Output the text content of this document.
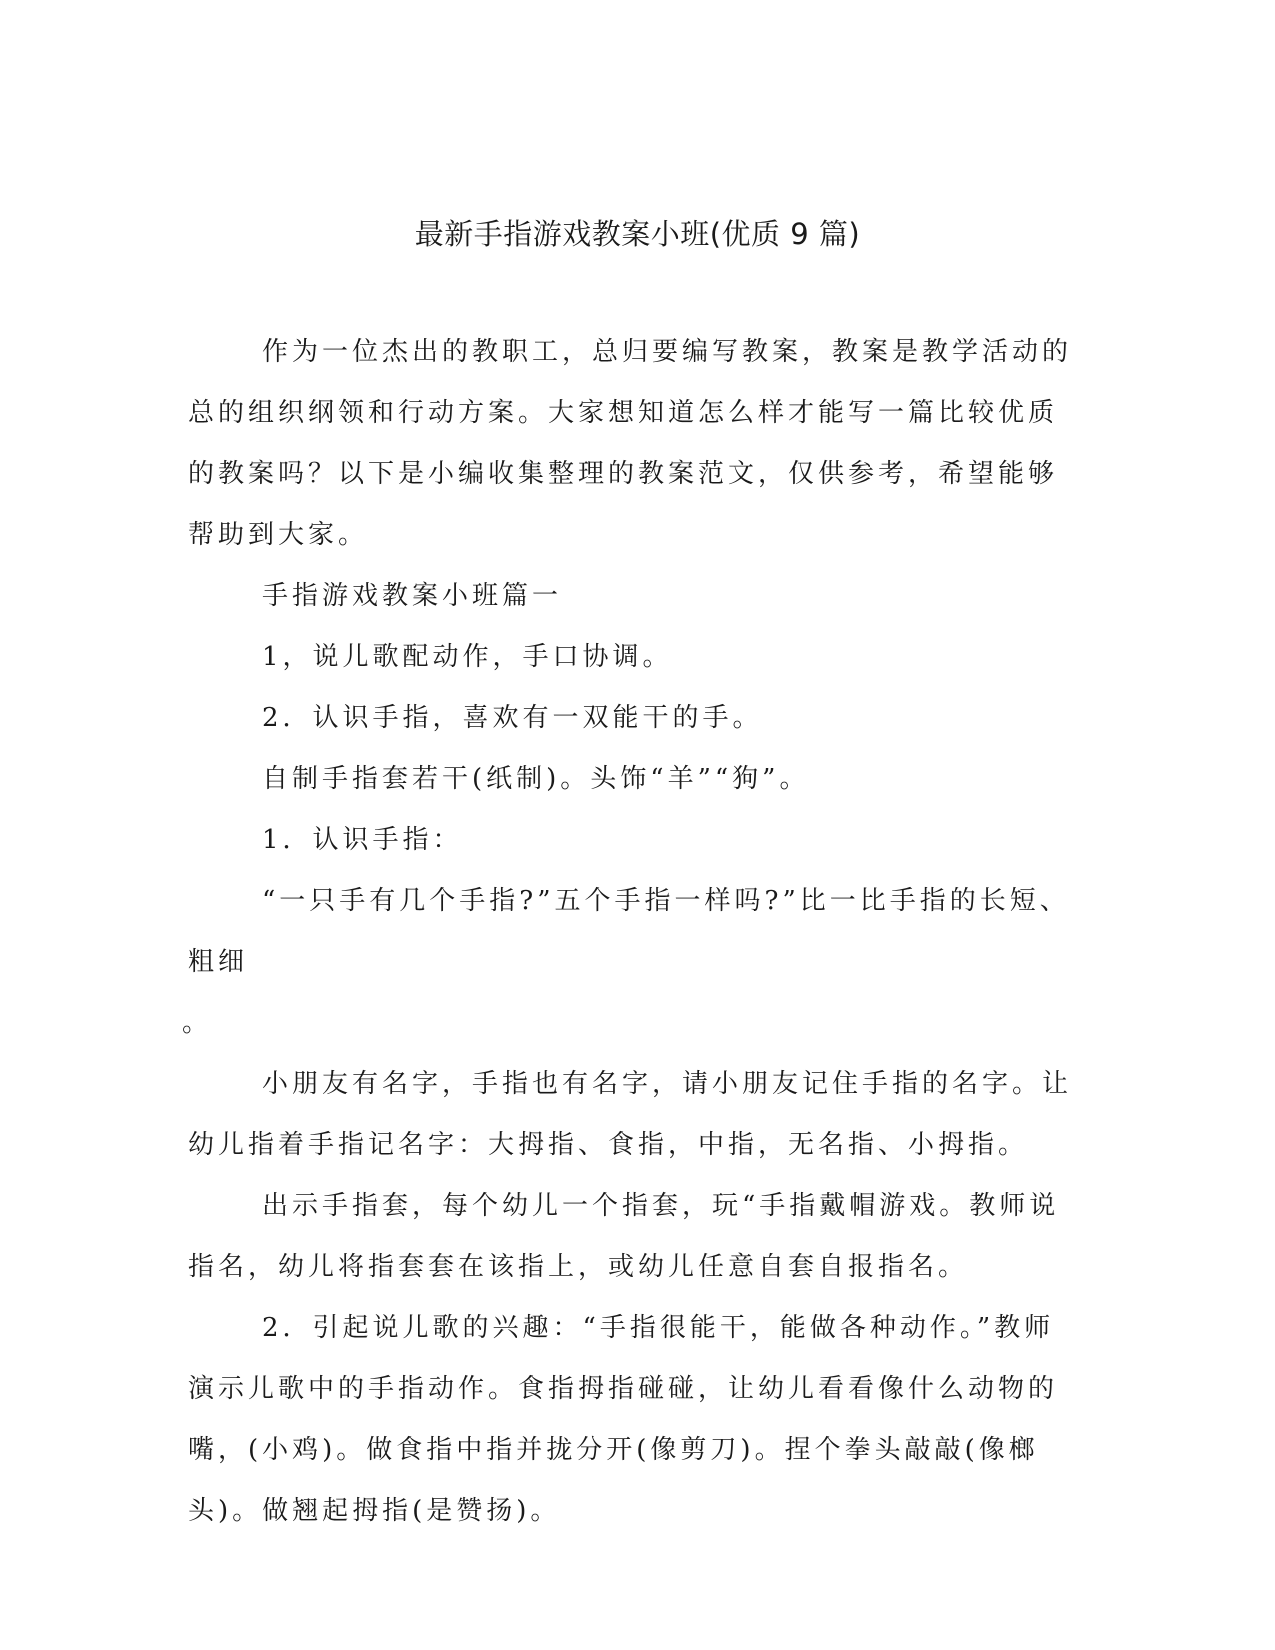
最新手指游戏教案小班(优质 9 篇)

作为一位杰出的教职工，总归要编写教案，教案是教学活动的总的组织纲领和行动方案。大家想知道怎么样才能写一篇比较优质的教案吗？以下是小编收集整理的教案范文，仅供参考，希望能够帮助到大家。

手指游戏教案小班篇一

1，说儿歌配动作，手口协调。

2．认识手指，喜欢有一双能干的手。

自制手指套若干(纸制)。头饰“羊”“狗”。

1．认识手指：

“一只手有几个手指?”五个手指一样吗?”比一比手指的长短、粗细

。

小朋友有名字，手指也有名字，请小朋友记住手指的名字。让幼儿指着手指记名字：大拇指、食指，中指，无名指、小拇指。

出示手指套，每个幼儿一个指套，玩“手指戴帽游戏。教师说指名，幼儿将指套套在该指上，或幼儿任意自套自报指名。

2．引起说儿歌的兴趣：“手指很能干，能做各种动作。”教师演示儿歌中的手指动作。食指拇指碰碰，让幼儿看看像什么动物的嘴，(小鸡)。做食指中指并拢分开(像剪刀)。捏个拳头敲敲(像榔头)。做翘起拇指(是赞扬)。
